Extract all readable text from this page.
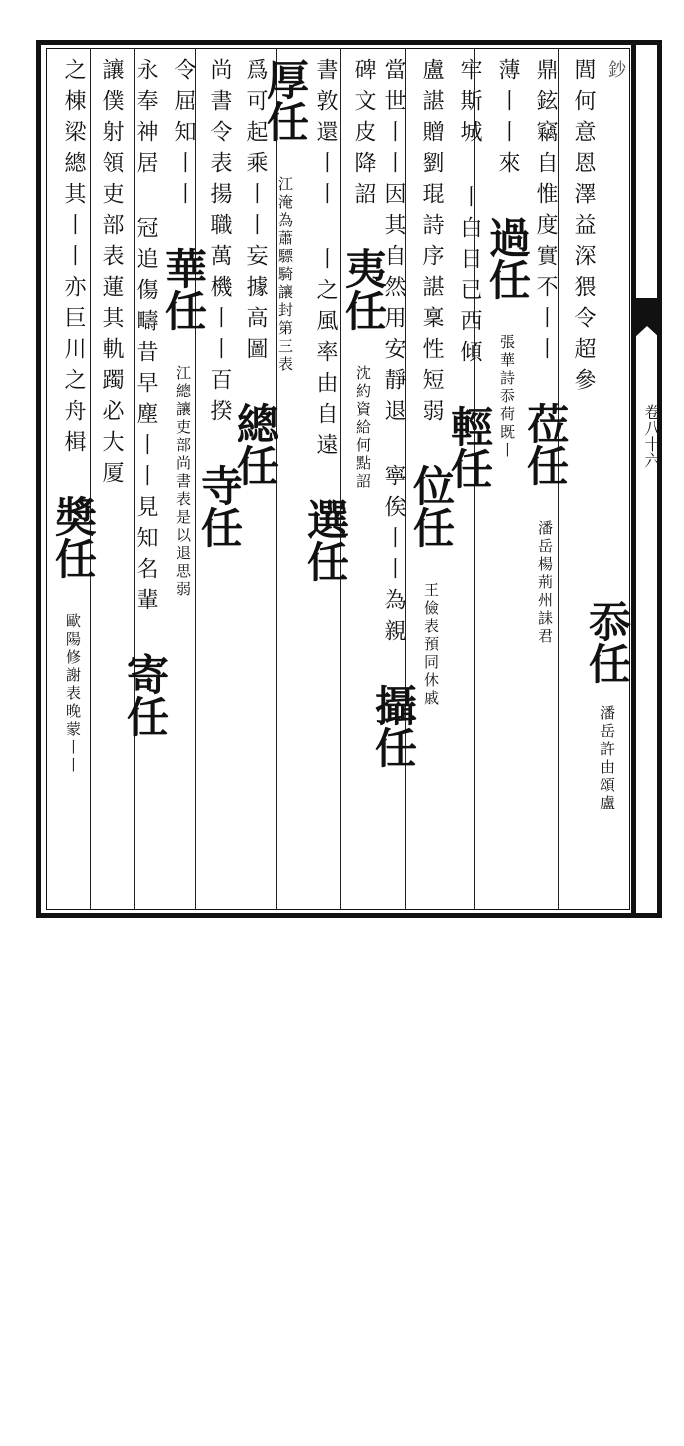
卷八十六
鈔
閭何意恩澤益深猥令超參
鼎鉉竊自惟度實不丨丨 莅任 潘岳楊荊州誄君
薄丨丨來 過任 張華詩忝荷既丨
牢斯城 丨白日已西傾 輕任
盧諶贈劉琨詩序諶稟性短弱 位任 王儉表預同休戚
當世丨丨因其自然用安靜退 寧俟丨丨為親 攝任
碑文皮降詔 夷任 沈約資給何點詔
書敦還丨丨 丨之風率由自遠 選任
厚任 江淹為蕭驃騎讓封第三表
爲可起乘丨丨妄據高圖 總任
尚書令表揚職萬機丨丨百揆 寺任
令屈知丨丨 華任 江總讓吏部尚書表是以退思弱
永奉神居 冠追傷疇昔早塵丨丨見知名輩 寄任
讓僕射領吏部表蓮其軌躅必大厦
之棟梁總其丨丨亦巨川之舟楫 奬任 歐陽修謝表晚蒙丨丨	忝任 潘岳許由頌盧
